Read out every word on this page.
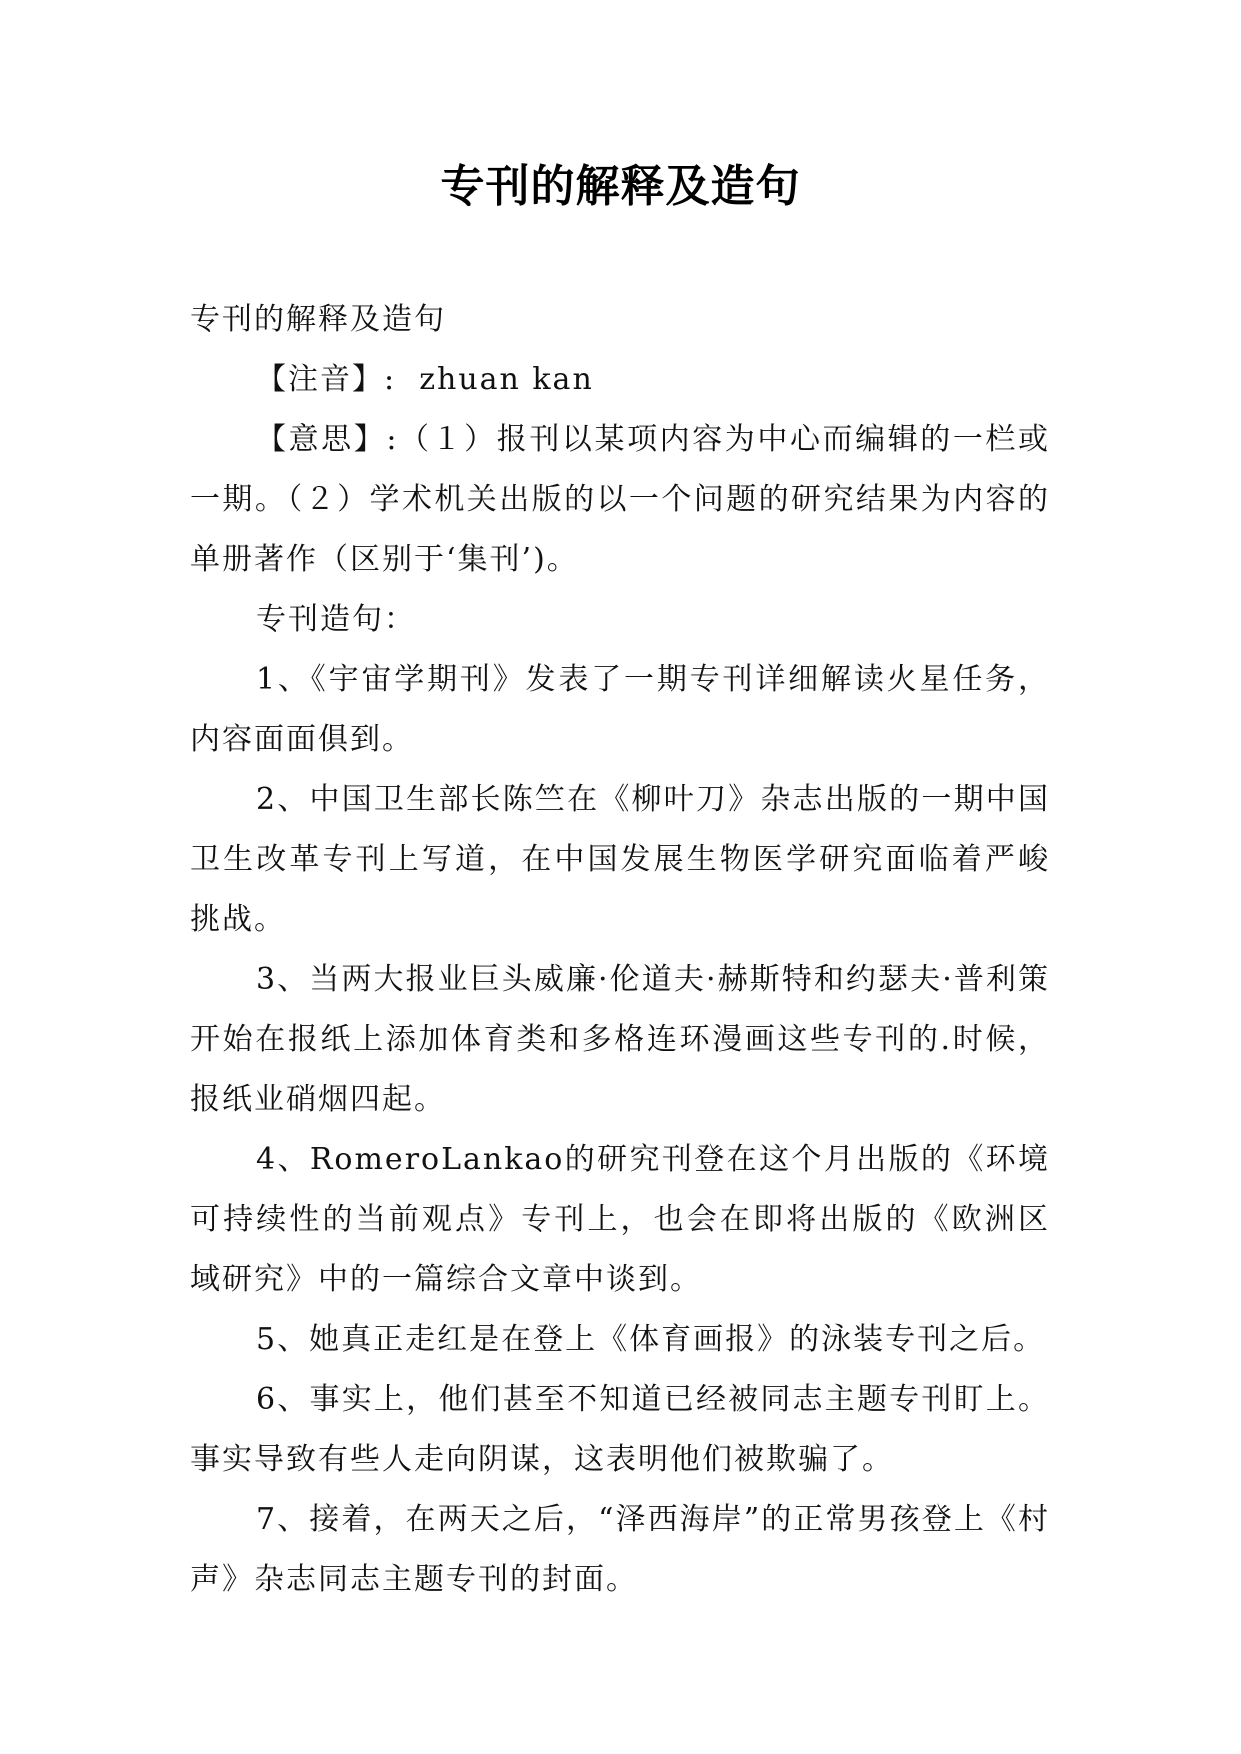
专刊的解释及造句

专刊的解释及造句

【注音】: zhuan kan

【意思】:（１）报刊以某项内容为中心而编辑的一栏或一期。（２）学术机关出版的以一个问题的研究结果为内容的单册著作（区别于‘集刊’)。

专刊造句：

1、《宇宙学期刊》发表了一期专刊详细解读火星任务，内容面面俱到。

2、中国卫生部长陈竺在《柳叶刀》杂志出版的一期中国卫生改革专刊上写道，在中国发展生物医学研究面临着严峻挑战。

3、当两大报业巨头威廉·伦道夫·赫斯特和约瑟夫·普利策开始在报纸上添加体育类和多格连环漫画这些专刊的.时候，报纸业硝烟四起。

4、RomeroLankao的研究刊登在这个月出版的《环境可持续性的当前观点》专刊上，也会在即将出版的《欧洲区域研究》中的一篇综合文章中谈到。

5、她真正走红是在登上《体育画报》的泳装专刊之后。

6、事实上，他们甚至不知道已经被同志主题专刊盯上。事实导致有些人走向阴谋，这表明他们被欺骗了。

7、接着，在两天之后，“泽西海岸”的正常男孩登上《村声》杂志同志主题专刊的封面。
